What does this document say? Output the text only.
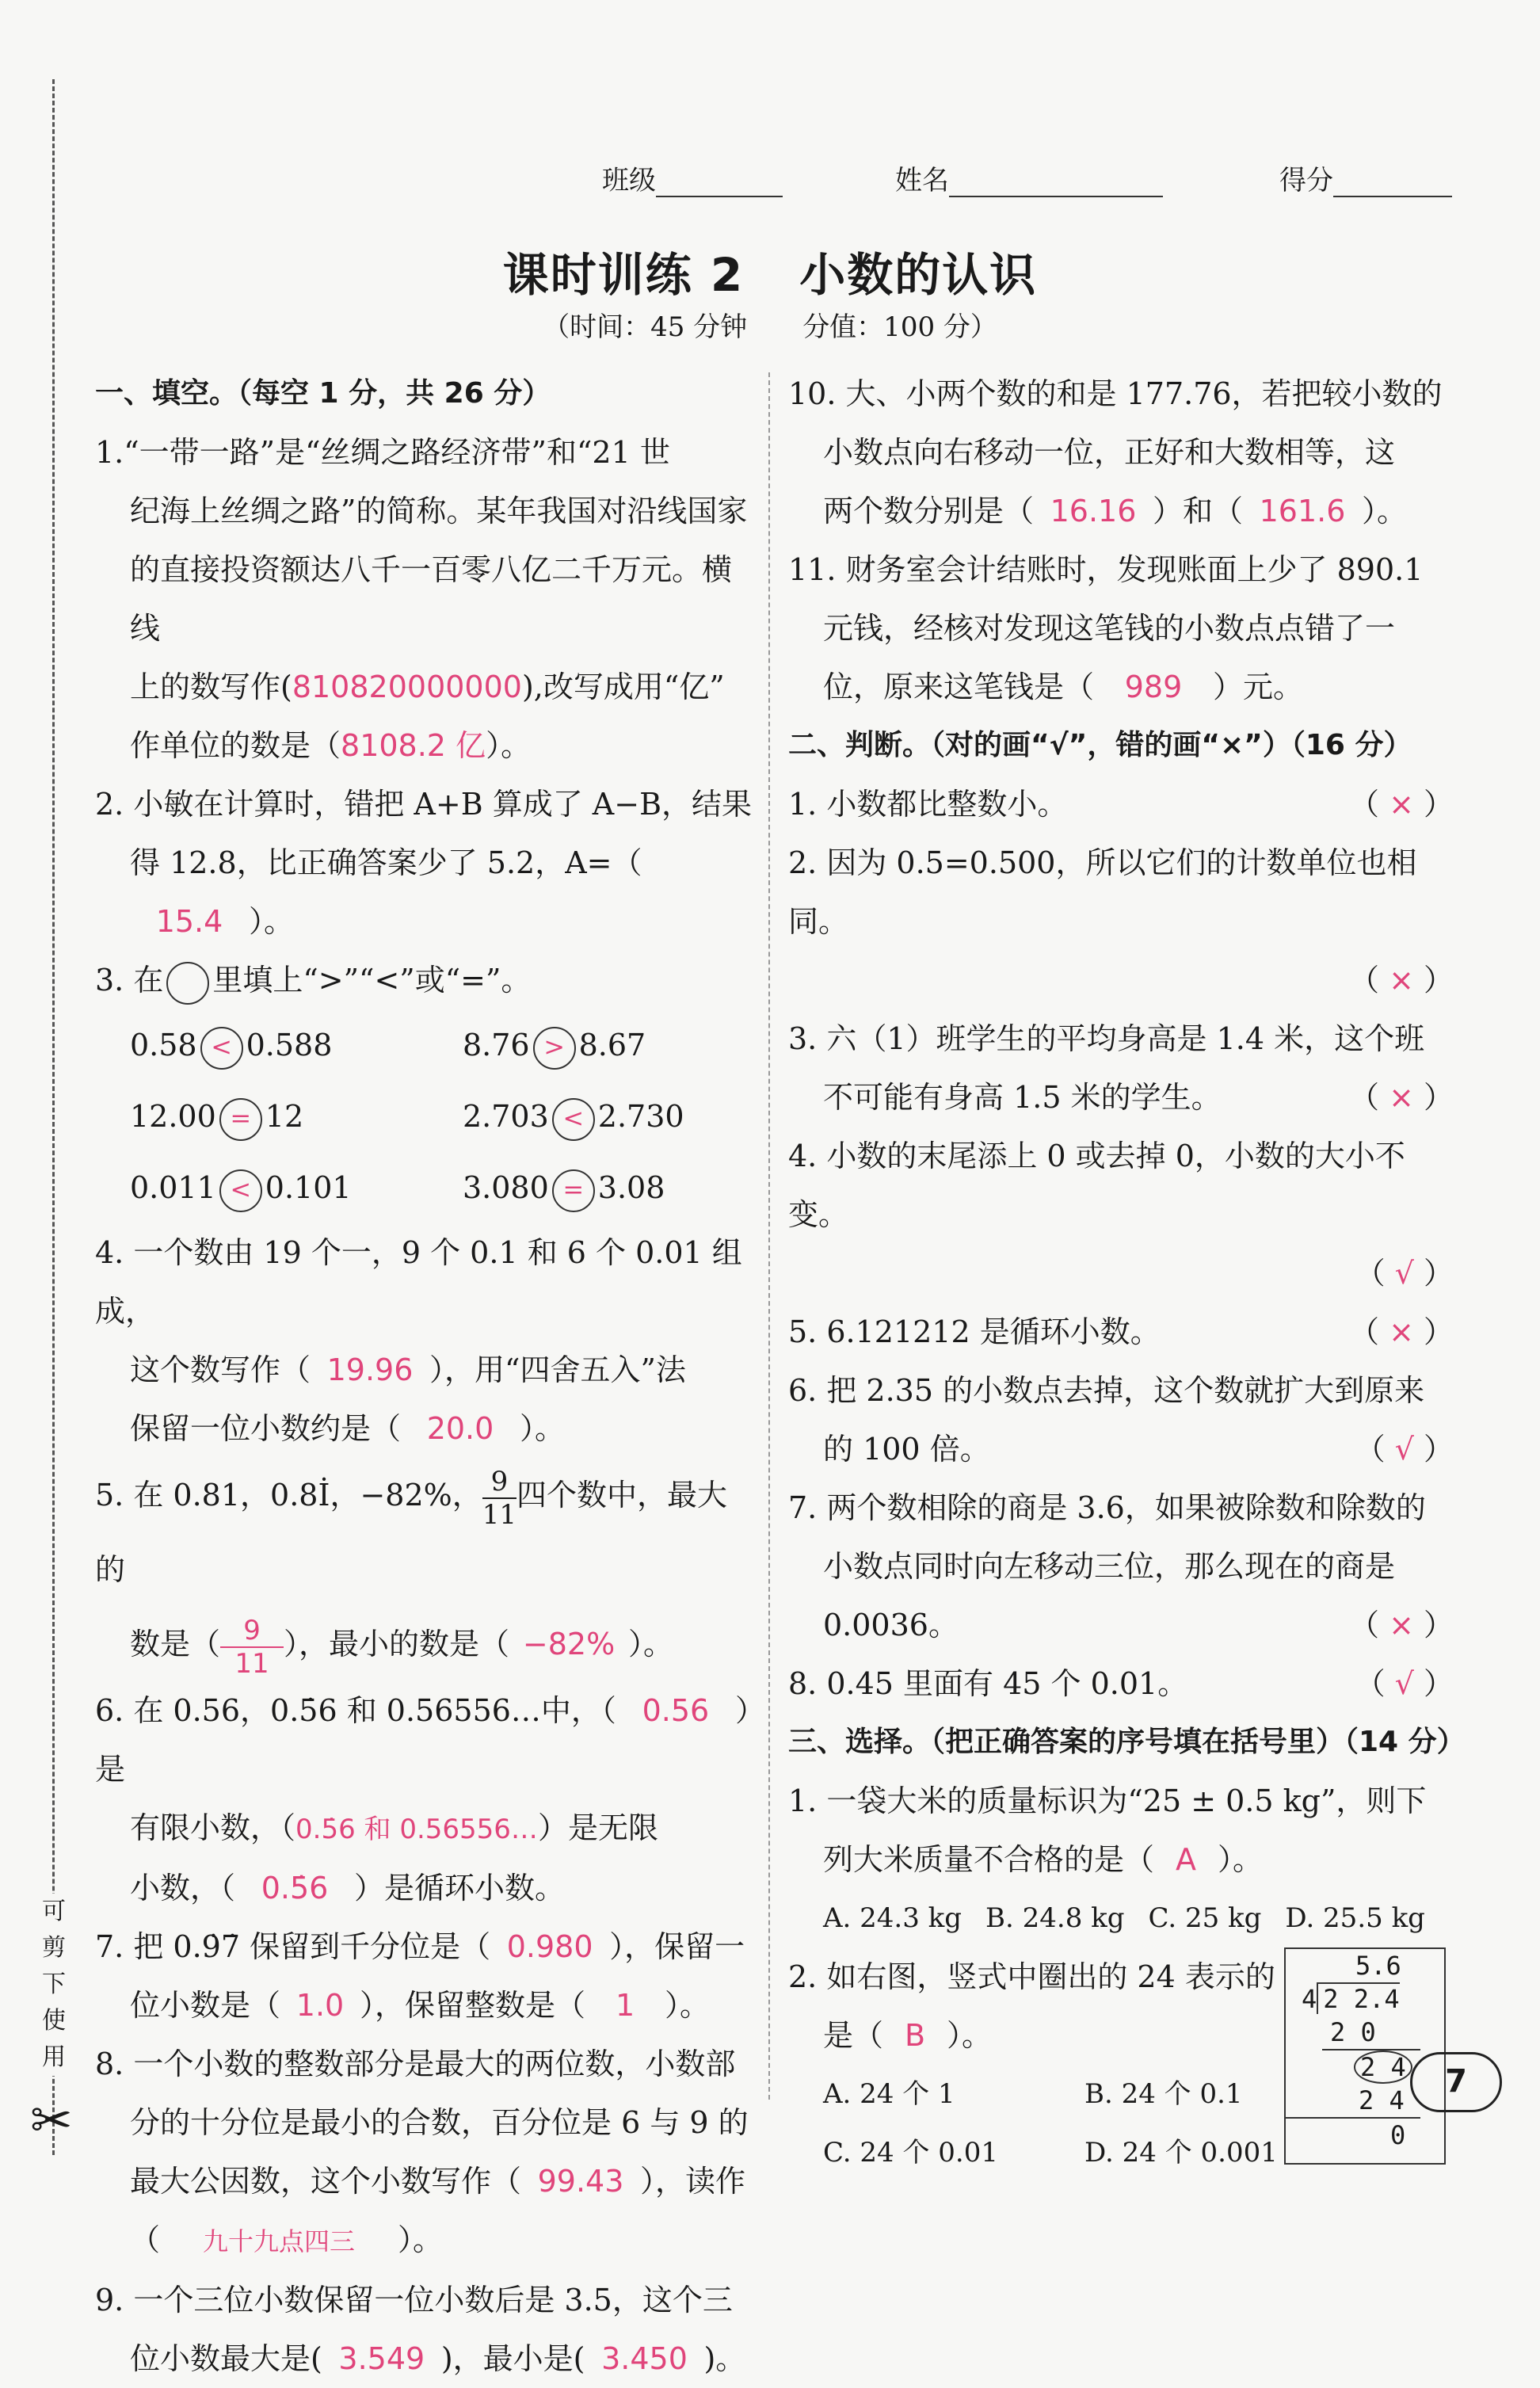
可剪下使用
✂
班级	姓名	得分
课时训练 2 小数的认识
（时间：45 分钟 分值：100 分）
一、填空。（每空 1 分，共 26 分）
1.“一带一路”是“丝绸之路经济带”和“21 世
纪海上丝绸之路”的简称。某年我国对沿线国家
的直接投资额达八千一百零八亿二千万元。横线
上的数写作(810820000000),改写成用“亿”
作单位的数是（8108.2 亿）。
2. 小敏在计算时，错把 A+B 算成了 A−B，结果
得 12.8，比正确答案少了 5.2，A=（15.4 ）。
3. 在 里填上“>”“<”或“=”。
0.58 < 0.588	8.76 > 8.67
12.00 = 12	2.703 < 2.730
0.011 < 0.101	3.080 = 3.08
4. 一个数由 19 个一，9 个 0.1 和 6 个 0.01 组成，
这个数写作（ 19.96 ），用“四舍五入”法
保留一位小数约是（ 20.0 ）。
5. 在 0.81，0.8İ，−82%， $\frac{9}{11}$ 四个数中，最大的
数是（ $\frac{9}{11}$ ），最小的数是（ −82% ）。
6. 在 0.56，0.5̇6 和 0.56556…中，（ 0.56 ）是
有限小数，（0.5̇6 和 0.56556…）是无限
小数，（ 0.5̇6 ）是循环小数。
7. 把 0.9̇7̇ 保留到千分位是（ 0.980 ），保留一
位小数是（ 1.0 ），保留整数是（ 1 ）。
8. 一个小数的整数部分是最大的两位数，小数部
分的十分位是最小的合数，百分位是 6 与 9 的
最大公因数，这个小数写作（ 99.43 ），读作
（ 九十九点四三 ）。
9. 一个三位小数保留一位小数后是 3.5，这个三
位小数最大是( 3.549 )，最小是( 3.450 )。
10. 大、小两个数的和是 177.76，若把较小数的
小数点向右移动一位，正好和大数相等，这
两个数分别是（ 16.16 ）和（ 161.6 ）。
11. 财务室会计结账时，发现账面上少了 890.1
元钱，经核对发现这笔钱的小数点点错了一
位，原来这笔钱是（ 989 ）元。
二、判断。（对的画“√”，错的画“×”）（16 分）
1. 小数都比整数小。	（ × ）
2. 因为 0.5=0.500，所以它们的计数单位也相同。
（ × ）
3. 六（1）班学生的平均身高是 1.4 米，这个班
不可能有身高 1.5 米的学生。	（ × ）
4. 小数的末尾添上 0 或去掉 0，小数的大小不变。
（ √ ）
5. 6.121212 是循环小数。	（ × ）
6. 把 2.35 的小数点去掉，这个数就扩大到原来
的 100 倍。	（ √ ）
7. 两个数相除的商是 3.6，如果被除数和除数的
小数点同时向左移动三位，那么现在的商是
0.0036。	（ × ）
8. 0.45 里面有 45 个 0.01。	（ √ ）
三、选择。（把正确答案的序号填在括号里）（14 分）
1. 一袋大米的质量标识为“25 ± 0.5 kg”，则下
列大米质量不合格的是（ A ）。
A. 24.3 kg B. 24.8 kg C. 25 kg D. 25.5 kg
2. 如右图，竖式中圈出的 24 表示的
是（ B ）。
A. 24 个 1	B. 24 个 0.1
C. 24 个 0.01	D. 24 个 0.001
5.6
4 2 2.4
2 0
2 4
2 4
0
7
